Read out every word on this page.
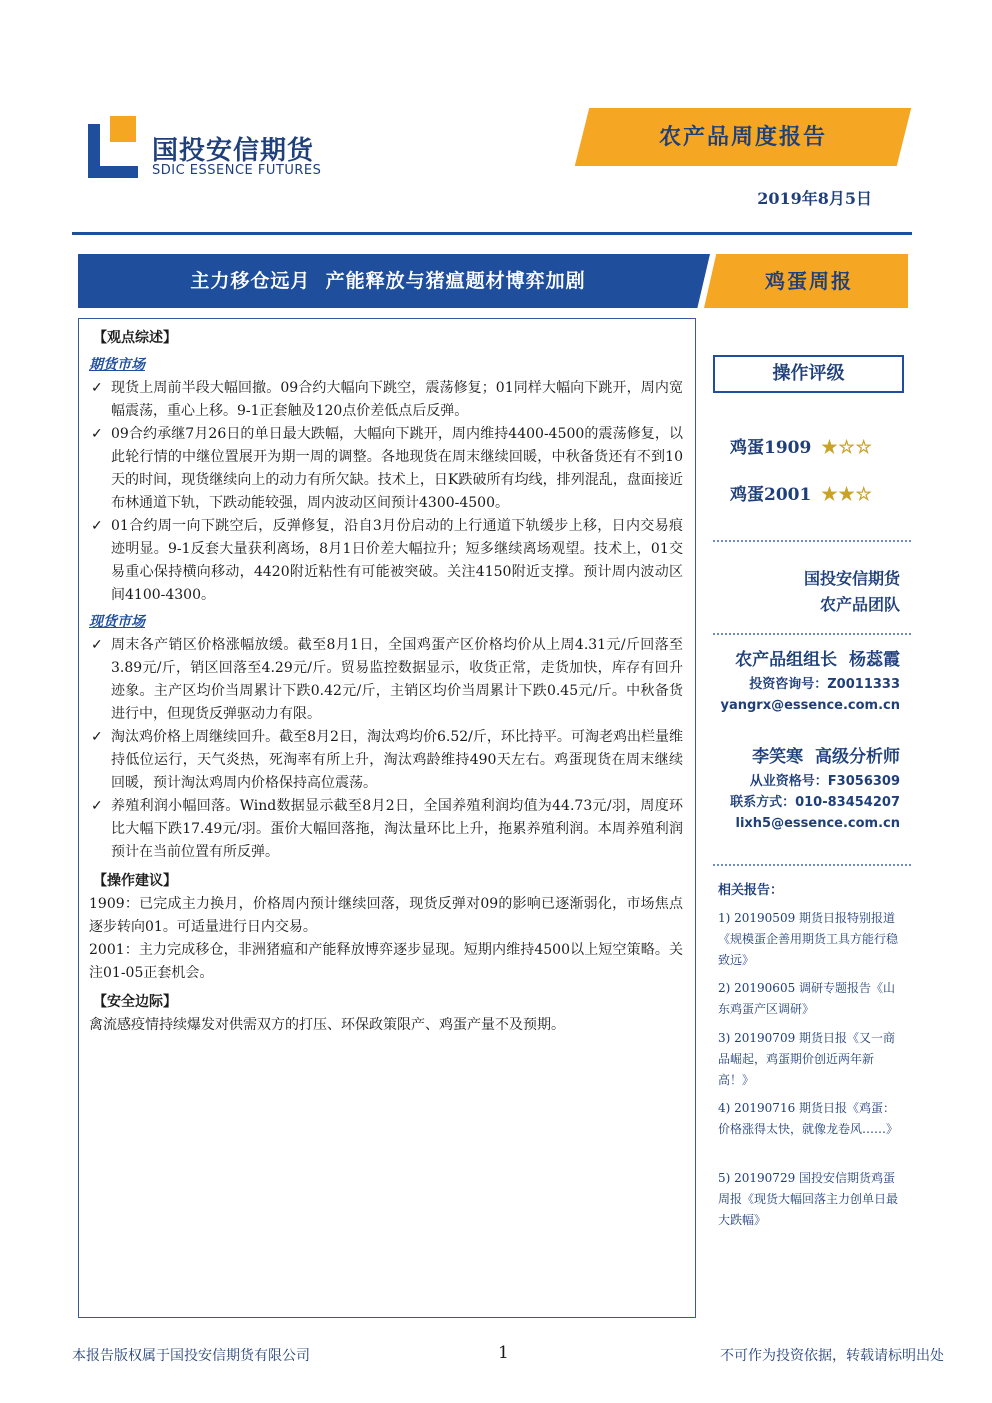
国投安信期货
SDIC ESSENCE FUTURES
农产品周度报告
2019年8月5日
主力移仓远月  产能释放与猪瘟题材博弈加剧	鸡蛋周报
【观点综述】
期货市场
✓ 现货上周前半段大幅回撤。09合约大幅向下跳空，震荡修复；01同样大幅向下跳开，周内宽幅震荡，重心上移。9-1正套触及120点价差低点后反弹。
✓ 09合约承继7月26日的单日最大跌幅，大幅向下跳开，周内维持4400-4500的震荡修复，以此轮行情的中继位置展开为期一周的调整。各地现货在周末继续回暖，中秋备货还有不到10天的时间，现货继续向上的动力有所欠缺。技术上，日K跌破所有均线，排列混乱，盘面接近布林通道下轨，下跌动能较强，周内波动区间预计4300-4500。
✓ 01合约周一向下跳空后，反弹修复，沿自3月份启动的上行通道下轨缓步上移，日内交易痕迹明显。9-1反套大量获利离场，8月1日价差大幅拉升；短多继续离场观望。技术上，01交易重心保持横向移动，4420附近粘性有可能被突破。关注4150附近支撑。预计周内波动区间4100-4300。
现货市场
✓ 周末各产销区价格涨幅放缓。截至8月1日，全国鸡蛋产区价格均价从上周4.31元/斤回落至3.89元/斤，销区回落至4.29元/斤。贸易监控数据显示，收货正常，走货加快，库存有回升迹象。主产区均价当周累计下跌0.42元/斤，主销区均价当周累计下跌0.45元/斤。中秋备货进行中，但现货反弹驱动力有限。
✓ 淘汰鸡价格上周继续回升。截至8月2日，淘汰鸡均价6.52/斤，环比持平。可淘老鸡出栏量维持低位运行，天气炎热，死淘率有所上升，淘汰鸡龄维持490天左右。鸡蛋现货在周末继续回暖，预计淘汰鸡周内价格保持高位震荡。
✓ 养殖利润小幅回落。Wind数据显示截至8月2日，全国养殖利润均值为44.73元/羽，周度环比大幅下跌17.49元/羽。蛋价大幅回落拖，淘汰量环比上升，拖累养殖利润。本周养殖利润预计在当前位置有所反弹。
【操作建议】
1909：已完成主力换月，价格周内预计继续回落，现货反弹对09的影响已逐渐弱化，市场焦点逐步转向01。可适量进行日内交易。
2001：主力完成移仓，非洲猪瘟和产能释放博弈逐步显现。短期内维持4500以上短空策略。关注01-05正套机会。
【安全边际】
禽流感疫情持续爆发对供需双方的打压、环保政策限产、鸡蛋产量不及预期。
操作评级
鸡蛋1909 ★☆☆
鸡蛋2001 ★★☆
国投安信期货
农产品团队
农产品组组长  杨蕊霞
投资咨询号：Z0011333
yangrx@essence.com.cn
李笑寒  高级分析师
从业资格号：F3056309
联系方式：010-83454207
lixh5@essence.com.cn
相关报告：
1) 20190509 期货日报特别报道《规模蛋企善用期货工具方能行稳致远》
2) 20190605 调研专题报告《山东鸡蛋产区调研》
3) 20190709 期货日报《又一商品崛起，鸡蛋期价创近两年新高！》
4) 20190716 期货日报《鸡蛋：价格涨得太快，就像龙卷风……》
5) 20190729 国投安信期货鸡蛋周报《现货大幅回落主力创单日最大跌幅》
本报告版权属于国投安信期货有限公司	1	不可作为投资依据，转载请标明出处
